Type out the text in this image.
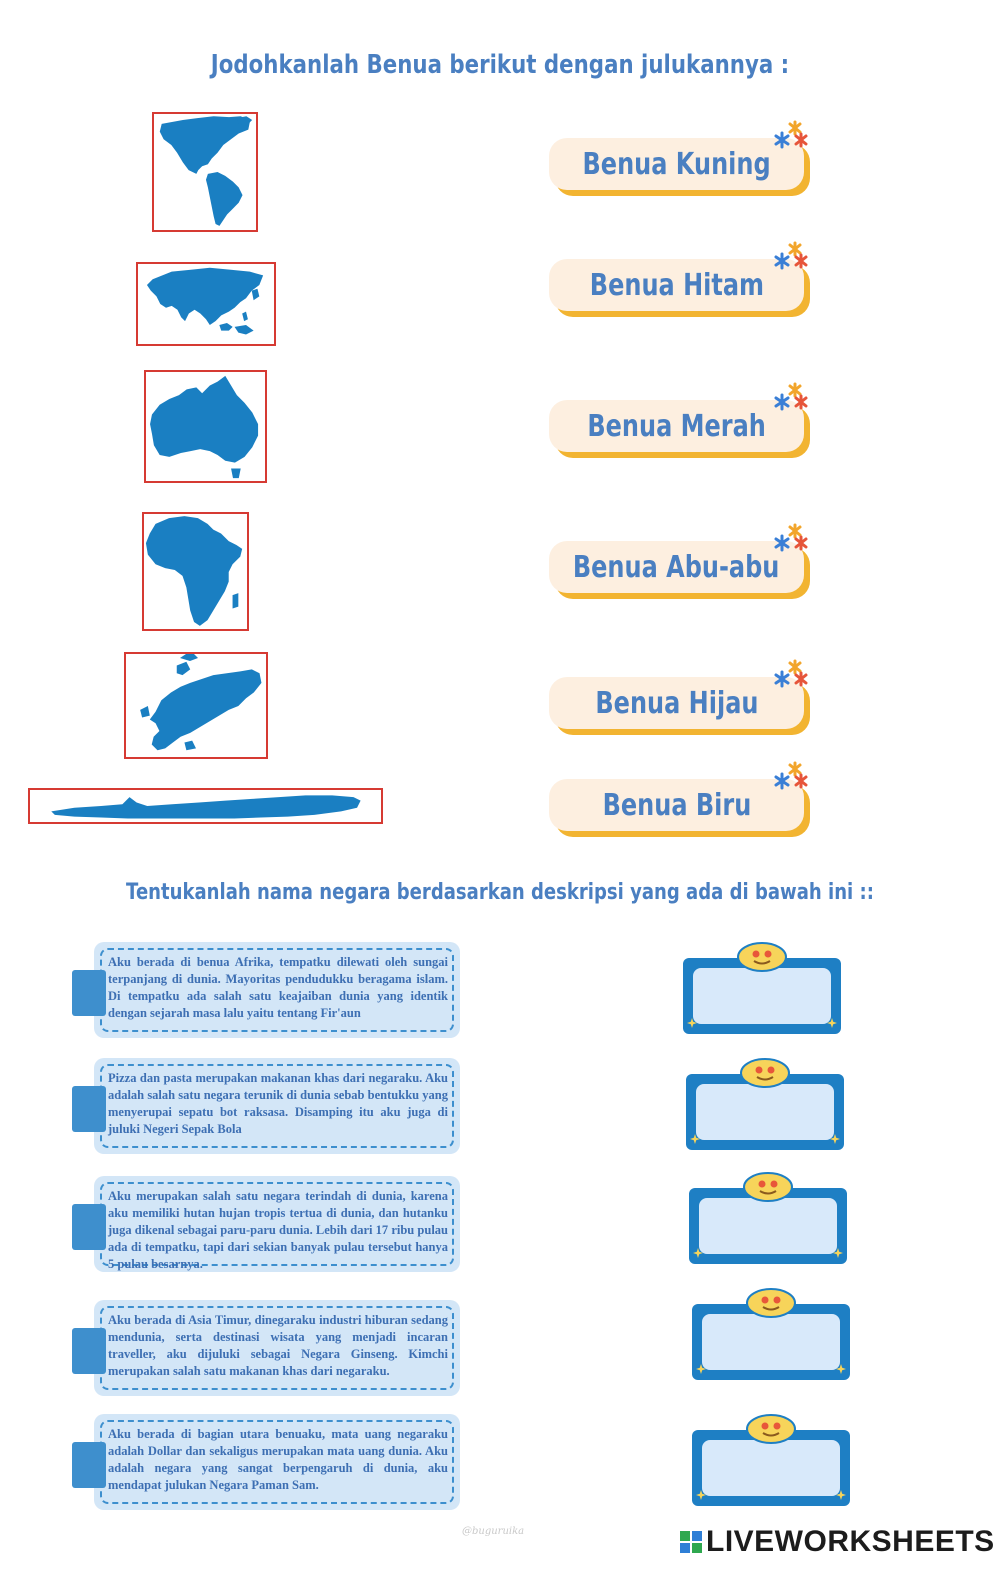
Jodohkanlah Benua berikut dengan julukannya :
Benua Kuning
Benua Hitam
Benua Merah
Benua Abu-abu
Benua Hijau
Benua Biru
Tentukanlah nama negara berdasarkan deskripsi yang ada di bawah ini ::
Aku berada di benua Afrika, tempatku dilewati oleh sungai terpanjang di dunia. Mayoritas pendudukku beragama islam. Di tempatku ada salah satu keajaiban dunia yang identik dengan sejarah masa lalu yaitu tentang Fir'aun
Pizza dan pasta merupakan makanan khas dari negaraku. Aku adalah salah satu negara terunik di dunia sebab bentukku yang menyerupai sepatu bot raksasa. Disamping itu aku juga di juluki Negeri Sepak Bola
Aku merupakan salah satu negara terindah di dunia, karena aku memiliki hutan hujan tropis tertua di dunia, dan hutanku juga dikenal sebagai paru-paru dunia. Lebih dari 17 ribu pulau ada di tempatku, tapi dari sekian banyak pulau tersebut hanya 5 pulau besarnya.
Aku berada di Asia Timur, dinegaraku industri hiburan sedang mendunia, serta destinasi wisata yang menjadi incaran traveller, aku dijuluki sebagai Negara Ginseng. Kimchi merupakan salah satu makanan khas dari negaraku.
Aku berada di bagian utara benuaku, mata uang negaraku adalah Dollar dan sekaligus merupakan mata uang dunia. Aku adalah negara yang sangat berpengaruh di dunia, aku mendapat julukan Negara Paman Sam.
@buguruika	LIVEWORKSHEETS
